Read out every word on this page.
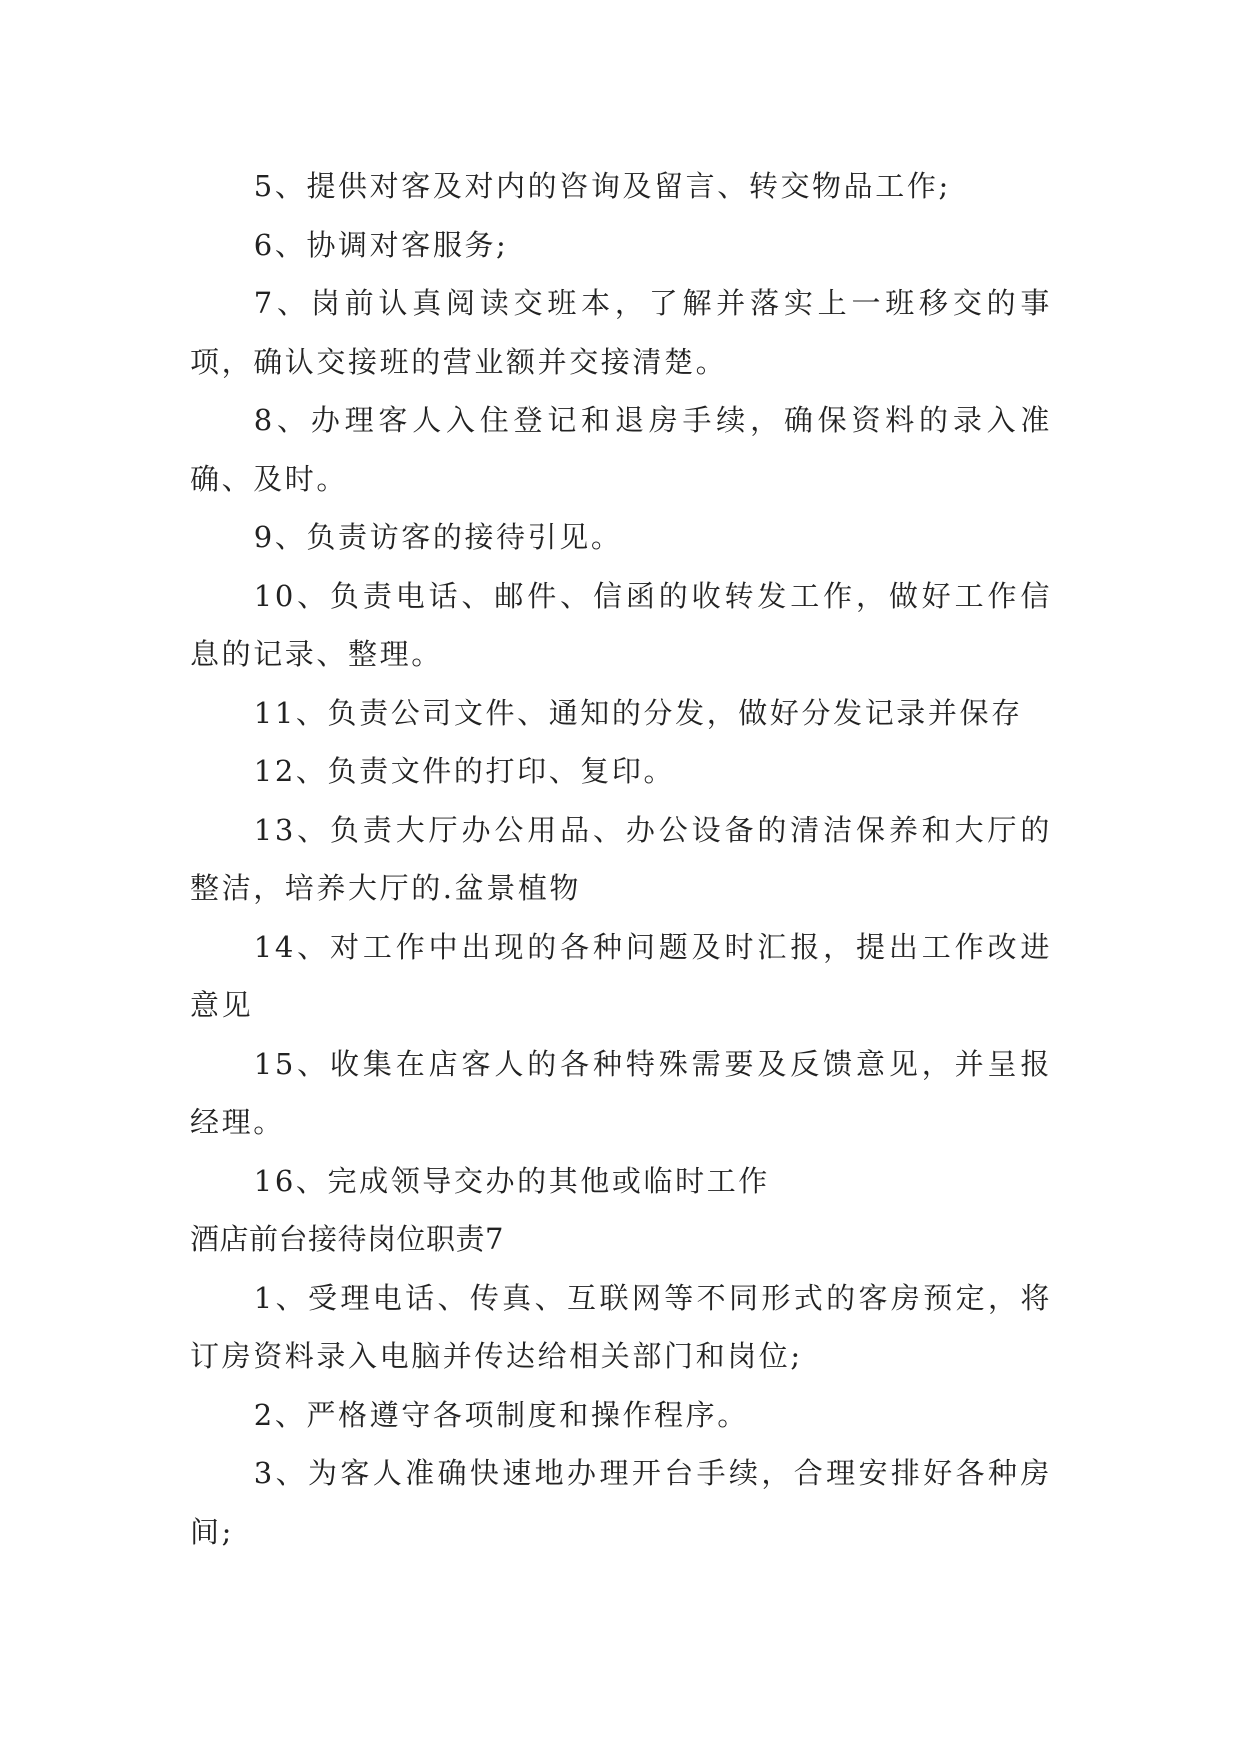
5、提供对客及对内的咨询及留言、转交物品工作;

6、协调对客服务;

7、岗前认真阅读交班本，了解并落实上一班移交的事项，确认交接班的营业额并交接清楚。

8、办理客人入住登记和退房手续，确保资料的录入准确、及时。

9、负责访客的接待引见。

10、负责电话、邮件、信函的收转发工作，做好工作信息的记录、整理。

11、负责公司文件、通知的分发，做好分发记录并保存

12、负责文件的打印、复印。

13、负责大厅办公用品、办公设备的清洁保养和大厅的整洁，培养大厅的.盆景植物

14、对工作中出现的各种问题及时汇报，提出工作改进意见

15、收集在店客人的各种特殊需要及反馈意见，并呈报经理。

16、完成领导交办的其他或临时工作

酒店前台接待岗位职责7

1、受理电话、传真、互联网等不同形式的客房预定，将订房资料录入电脑并传达给相关部门和岗位;

2、严格遵守各项制度和操作程序。

3、为客人准确快速地办理开台手续，合理安排好各种房间;
